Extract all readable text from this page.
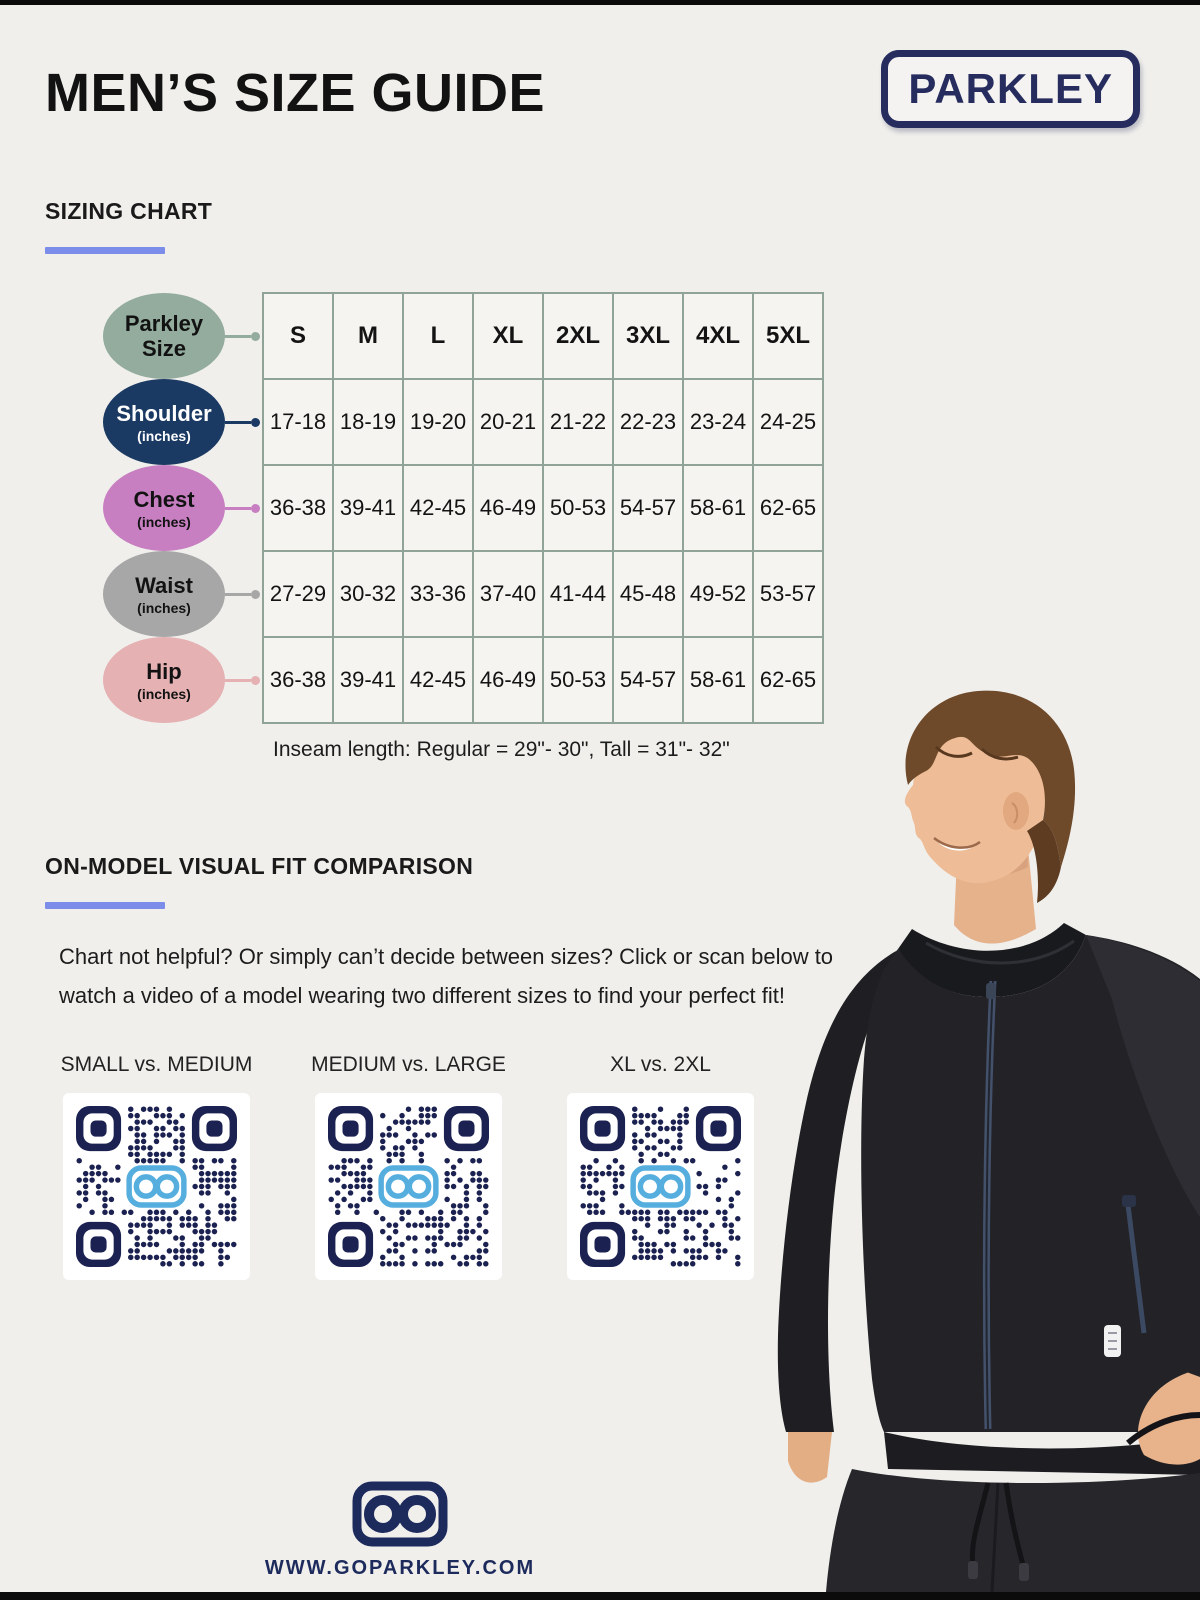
MEN’S SIZE GUIDE	PARKLEY
SIZING CHART
Parkley Size	S	M	L	XL	2XL	3XL	4XL	5XL

Shoulder
(inches)	17-18	18-19	19-20	20-21	21-22	22-23	23-24	24-25

Chest
(inches)	36-38	39-41	42-45	46-49	50-53	54-57	58-61	62-65

Waist
(inches)	27-29	30-32	33-36	37-40	41-44	45-48	49-52	53-57

Hip
(inches)	36-38	39-41	42-45	46-49	50-53	54-57	58-61	62-65
Inseam length: Regular = 29"- 30", Tall = 31"- 32"
ON-MODEL VISUAL FIT COMPARISON

Chart not helpful? Or simply can’t decide between sizes? Click or scan below to watch a video of a model wearing two different sizes to find your perfect fit!

SMALL vs. MEDIUM	MEDIUM vs. LARGE	XL vs. 2XL
WWW.GOPARKLEY.COM
